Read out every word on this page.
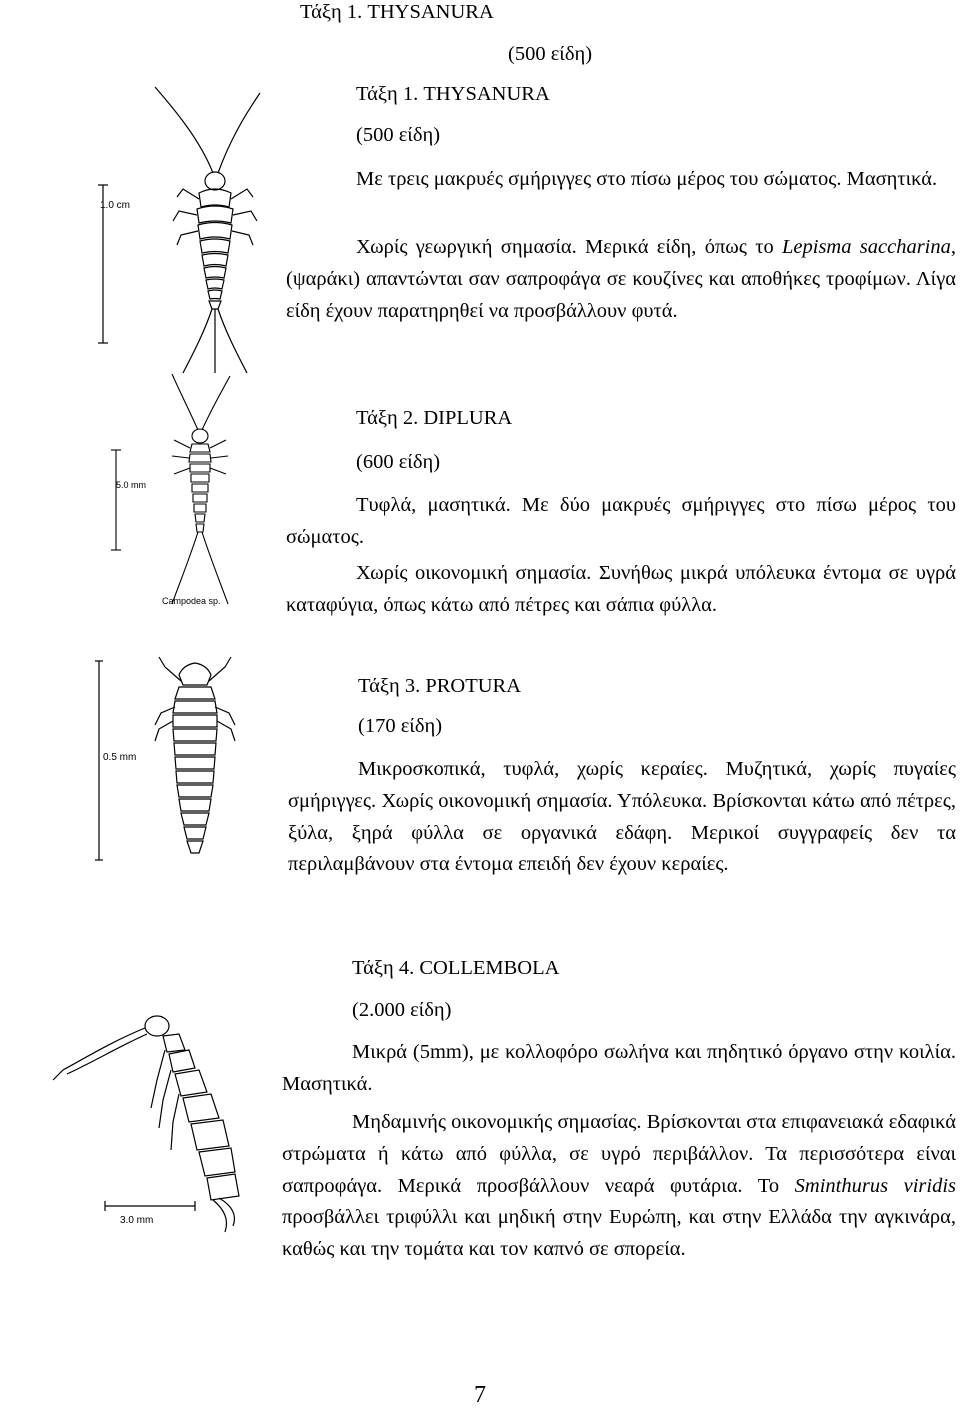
Τάξη 1. THYSANURA
(500 είδη)
Τάξη 1. THYSANURA
(500 είδη)
Με τρεις μακρυές σμήριγγες στο πίσω μέρος του σώματος. Μασητικά.
Χωρίς γεωργική σημασία. Μερικά είδη, όπως το Lepisma saccharina, (ψαράκι) απαντώνται σαν σαπροφάγα σε κουζίνες και αποθήκες τροφίμων. Λίγα είδη έχουν παρατηρηθεί να προσβάλλουν φυτά.
1.0 cm
Τάξη 2. DIPLURA
(600 είδη)
Τυφλά, μασητικά. Με δύο μακρυές σμήριγγες στο πίσω μέρος του σώματος.
Χωρίς οικονομική σημασία. Συνήθως μικρά υπόλευκα έντομα σε υγρά καταφύγια, όπως κάτω από πέτρες και σάπια φύλλα.
5.0 mm
Campodea sp.
Τάξη 3. PROTURA
(170 είδη)
Μικροσκοπικά, τυφλά, χωρίς κεραίες. Μυζητικά, χωρίς πυγαίες σμήριγγες. Χωρίς οικονομική σημασία. Υπόλευκα. Βρίσκονται κάτω από πέτρες, ξύλα, ξηρά φύλλα σε οργανικά εδάφη. Μερικοί συγγραφείς δεν τα περιλαμβάνουν στα έντομα επειδή δεν έχουν κεραίες.
0.5 mm
Τάξη 4. COLLEMBOLA
(2.000 είδη)
Μικρά (5mm), με κολλοφόρο σωλήνα και πηδητικό όργανο στην κοιλία. Μασητικά.
Μηδαμινής οικονομικής σημασίας. Βρίσκονται στα επιφανειακά εδαφικά στρώματα ή κάτω από φύλλα, σε υγρό περιβάλλον. Τα περισσότερα είναι σαπροφάγα. Μερικά προσβάλλουν νεαρά φυτάρια. Το Sminthurus viridis προσβάλλει τριφύλλι και μηδική στην Ευρώπη, και στην Ελλάδα την αγκινάρα, καθώς και την τομάτα και τον καπνό σε σπορεία.
3.0 mm
7
